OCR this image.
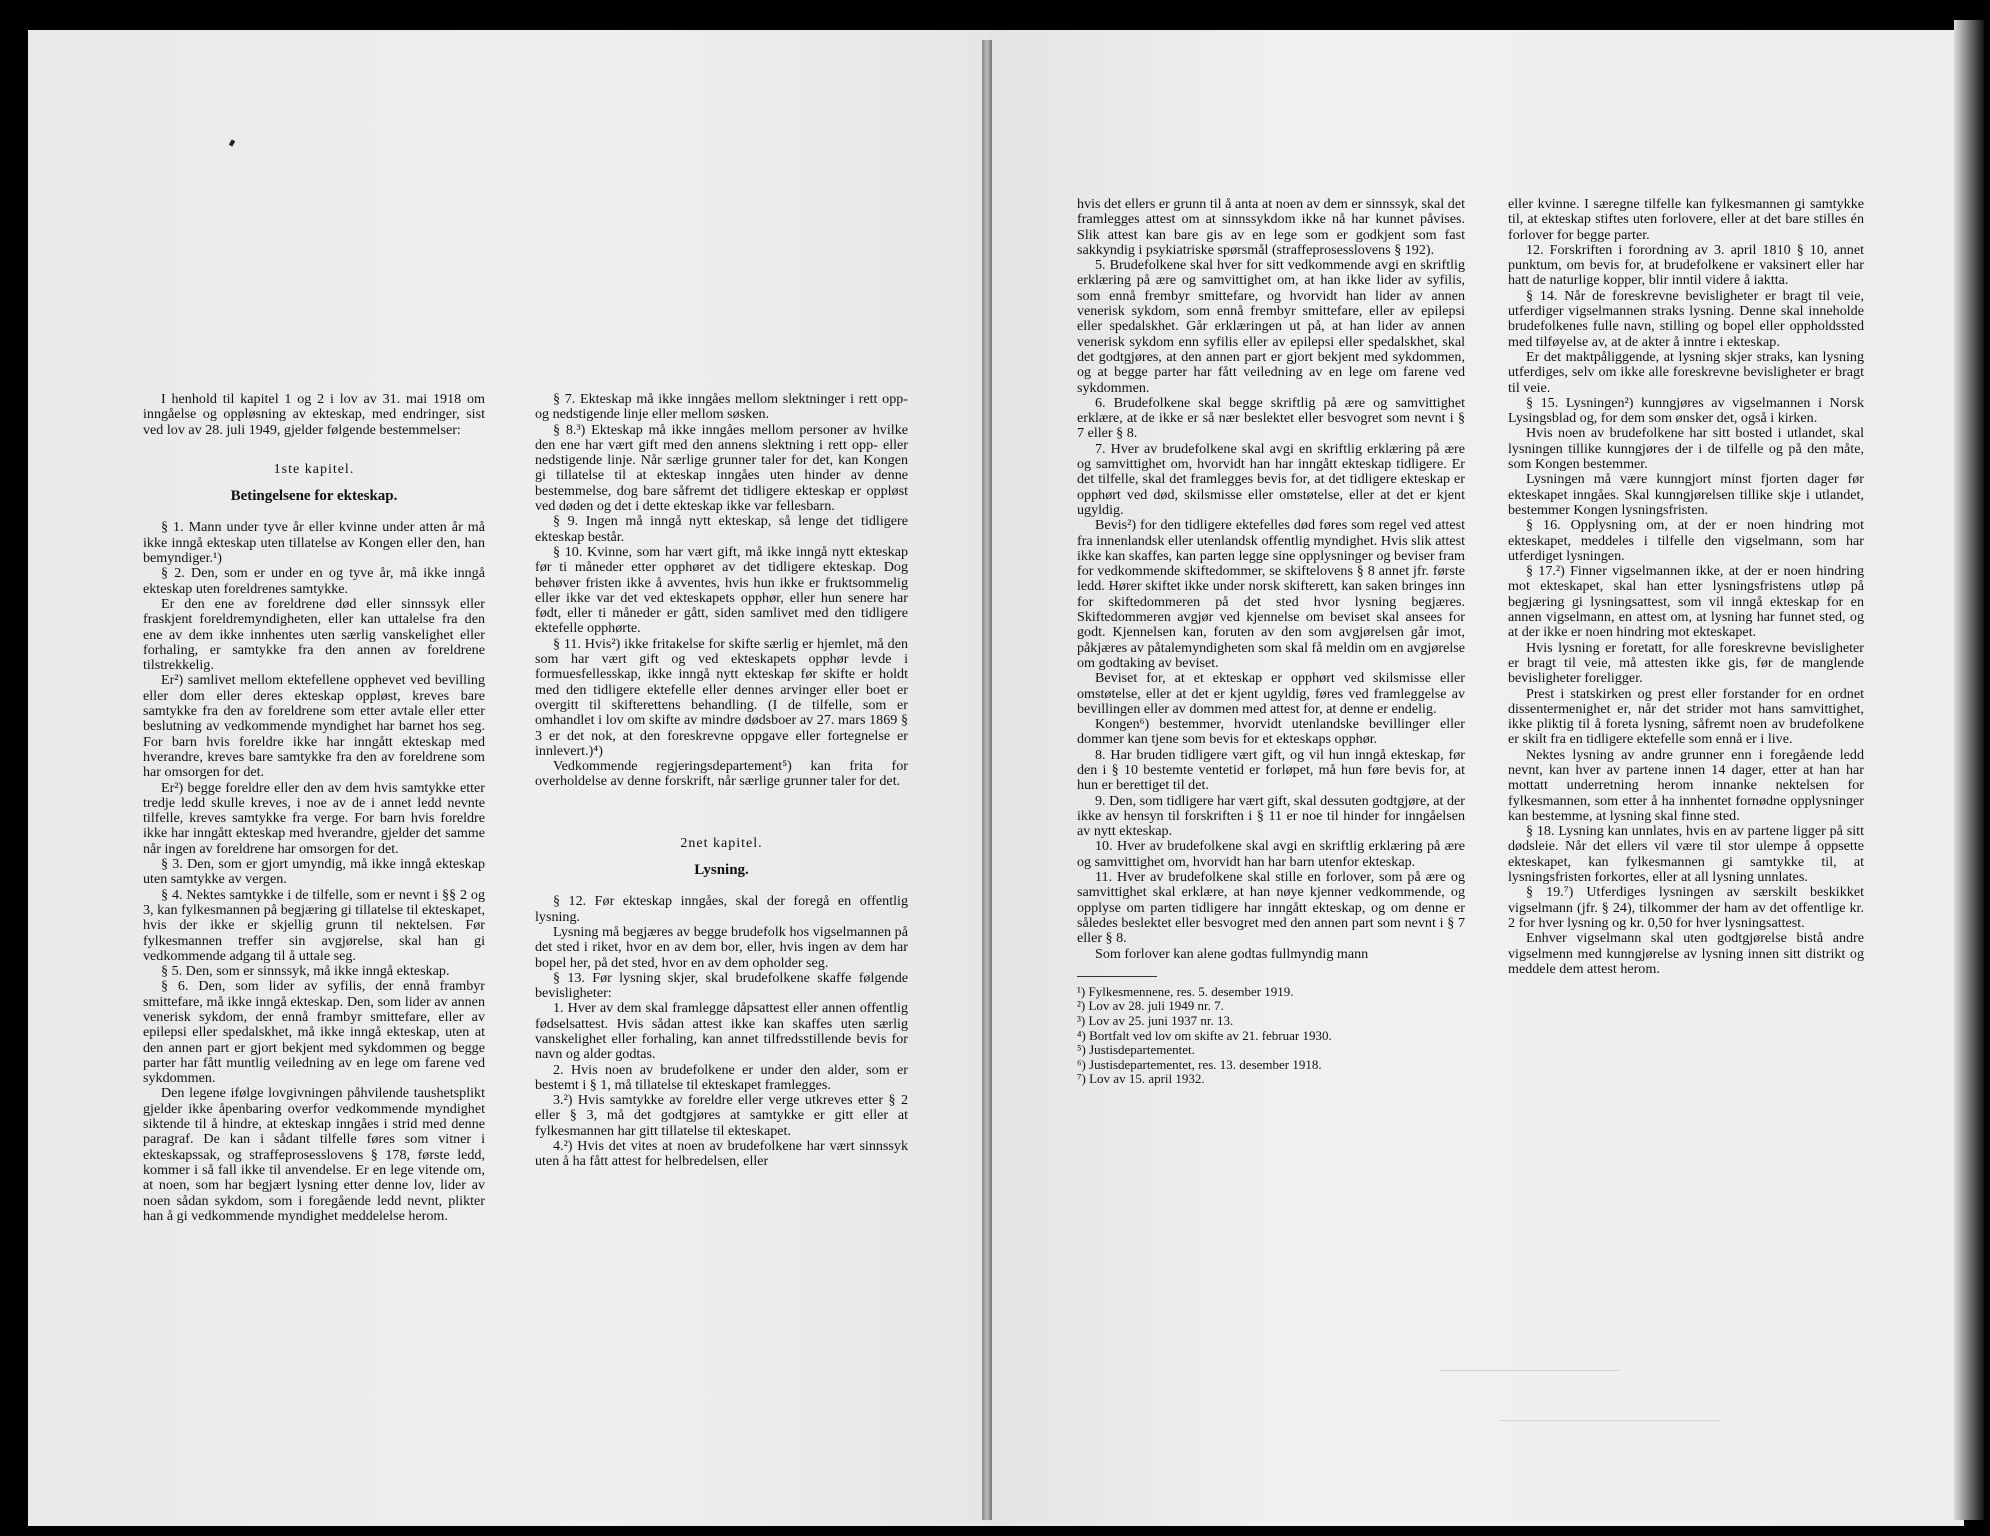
I henhold til kapitel 1 og 2 i lov av 31. mai 1918 om inngåelse og oppløsning av ekteskap, med endringer, sist ved lov av 28. juli 1949, gjelder følgende bestemmelser:

1ste kapitel.
Betingelsene for ekteskap.

§ 1. Mann under tyve år eller kvinne under atten år må ikke inngå ekteskap uten tillatelse av Kongen eller den, han bemyndiger.¹)

§ 2. Den, som er under en og tyve år, må ikke inngå ekteskap uten foreldrenes samtykke.

Er den ene av foreldrene død eller sinnssyk eller fraskjent foreldremyndigheten, eller kan uttalelse fra den ene av dem ikke innhentes uten særlig vanskelighet eller forhaling, er samtykke fra den annen av foreldrene tilstrekkelig.

Er²) samlivet mellom ektefellene opphevet ved bevilling eller dom eller deres ekteskap oppløst, kreves bare samtykke fra den av foreldrene som etter avtale eller etter beslutning av vedkommende myndighet har barnet hos seg. For barn hvis foreldre ikke har inngått ekteskap med hverandre, kreves bare samtykke fra den av foreldrene som har omsorgen for det.

Er²) begge foreldre eller den av dem hvis samtykke etter tredje ledd skulle kreves, i noe av de i annet ledd nevnte tilfelle, kreves samtykke fra verge. For barn hvis foreldre ikke har inngått ekteskap med hverandre, gjelder det samme når ingen av foreldrene har omsorgen for det.

§ 3. Den, som er gjort umyndig, må ikke inngå ekteskap uten samtykke av vergen.

§ 4. Nektes samtykke i de tilfelle, som er nevnt i §§ 2 og 3, kan fylkesmannen på begjæring gi tillatelse til ekteskapet, hvis der ikke er skjellig grunn til nektelsen. Før fylkesmannen treffer sin avgjørelse, skal han gi vedkommende adgang til å uttale seg.

§ 5. Den, som er sinnssyk, må ikke inngå ekteskap.

§ 6. Den, som lider av syfilis, der ennå frambyr smittefare, må ikke inngå ekteskap. Den, som lider av annen venerisk sykdom, der ennå frambyr smittefare, eller av epilepsi eller spedalskhet, må ikke inngå ekteskap, uten at den annen part er gjort bekjent med sykdommen og begge parter har fått muntlig veiledning av en lege om farene ved sykdommen.

Den legene ifølge lovgivningen påhvilende taushetsplikt gjelder ikke åpenbaring overfor vedkommende myndighet siktende til å hindre, at ekteskap inngåes i strid med denne paragraf. De kan i sådant tilfelle føres som vitner i ekteskapssak, og straffeprosesslovens § 178, første ledd, kommer i så fall ikke til anvendelse. Er en lege vitende om, at noen, som har begjært lysning etter denne lov, lider av noen sådan sykdom, som i foregående ledd nevnt, plikter han å gi vedkommende myndighet meddelelse herom.

§ 7. Ekteskap må ikke inngåes mellom slektninger i rett opp- og nedstigende linje eller mellom søsken.

§ 8.³) Ekteskap må ikke inngåes mellom personer av hvilke den ene har vært gift med den annens slektning i rett opp- eller nedstigende linje. Når særlige grunner taler for det, kan Kongen gi tillatelse til at ekteskap inngåes uten hinder av denne bestemmelse, dog bare såfremt det tidligere ekteskap er oppløst ved døden og det i dette ekteskap ikke var fellesbarn.

§ 9. Ingen må inngå nytt ekteskap, så lenge det tidligere ekteskap består.

§ 10. Kvinne, som har vært gift, må ikke inngå nytt ekteskap før ti måneder etter opphøret av det tidligere ekteskap. Dog behøver fristen ikke å avventes, hvis hun ikke er fruktsommelig eller ikke var det ved ekteskapets opphør, eller hun senere har født, eller ti måneder er gått, siden samlivet med den tidligere ektefelle opphørte.

§ 11. Hvis²) ikke fritakelse for skifte særlig er hjemlet, må den som har vært gift og ved ekteskapets opphør levde i formuesfellesskap, ikke inngå nytt ekteskap før skifte er holdt med den tidligere ektefelle eller dennes arvinger eller boet er overgitt til skifterettens behandling. (I de tilfelle, som er omhandlet i lov om skifte av mindre dødsboer av 27. mars 1869 § 3 er det nok, at den foreskrevne oppgave eller fortegnelse er innlevert.)⁴)

Vedkommende regjeringsdepartement⁵) kan frita for overholdelse av denne forskrift, når særlige grunner taler for det.

2net kapitel.
Lysning.

§ 12. Før ekteskap inngåes, skal der foregå en offentlig lysning.

Lysning må begjæres av begge brudefolk hos vigselmannen på det sted i riket, hvor en av dem bor, eller, hvis ingen av dem har bopel her, på det sted, hvor en av dem opholder seg.

§ 13. Før lysning skjer, skal brudefolkene skaffe følgende bevisligheter:

1. Hver av dem skal framlegge dåpsattest eller annen offentlig fødselsattest. Hvis sådan attest ikke kan skaffes uten særlig vanskelighet eller forhaling, kan annet tilfredsstillende bevis for navn og alder godtas.

2. Hvis noen av brudefolkene er under den alder, som er bestemt i § 1, må tillatelse til ekteskapet framlegges.

3.²) Hvis samtykke av foreldre eller verge utkreves etter § 2 eller § 3, må det godtgjøres at samtykke er gitt eller at fylkesmannen har gitt tillatelse til ekteskapet.

4.²) Hvis det vites at noen av brudefolkene har vært sinnssyk uten å ha fått attest for helbredelsen, eller

hvis det ellers er grunn til å anta at noen av dem er sinnssyk, skal det framlegges attest om at sinnssykdom ikke nå har kunnet påvises. Slik attest kan bare gis av en lege som er godkjent som fast sakkyndig i psykiatriske spørsmål (straffeprosesslovens § 192).

5. Brudefolkene skal hver for sitt vedkommende avgi en skriftlig erklæring på ære og samvittighet om, at han ikke lider av syfilis, som ennå frembyr smittefare, og hvorvidt han lider av annen venerisk sykdom, som ennå frembyr smittefare, eller av epilepsi eller spedalskhet. Går erklæringen ut på, at han lider av annen venerisk sykdom enn syfilis eller av epilepsi eller spedalskhet, skal det godtgjøres, at den annen part er gjort bekjent med sykdommen, og at begge parter har fått veiledning av en lege om farene ved sykdommen.

6. Brudefolkene skal begge skriftlig på ære og samvittighet erklære, at de ikke er så nær beslektet eller besvogret som nevnt i § 7 eller § 8.

7. Hver av brudefolkene skal avgi en skriftlig erklæring på ære og samvittighet om, hvorvidt han har inngått ekteskap tidligere. Er det tilfelle, skal det framlegges bevis for, at det tidligere ekteskap er opphørt ved død, skilsmisse eller omstøtelse, eller at det er kjent ugyldig.

Bevis²) for den tidligere ektefelles død føres som regel ved attest fra innenlandsk eller utenlandsk offentlig myndighet. Hvis slik attest ikke kan skaffes, kan parten legge sine opplysninger og beviser fram for vedkommende skiftedommer, se skiftelovens § 8 annet jfr. første ledd. Hører skiftet ikke under norsk skifterett, kan saken bringes inn for skiftedommeren på det sted hvor lysning begjæres. Skiftedommeren avgjør ved kjennelse om beviset skal ansees for godt. Kjennelsen kan, foruten av den som avgjørelsen går imot, påkjæres av påtalemyndigheten som skal få meldin om en avgjørelse om godtaking av beviset.

Beviset for, at et ekteskap er opphørt ved skilsmisse eller omstøtelse, eller at det er kjent ugyldig, føres ved framleggelse av bevillingen eller av dommen med attest for, at denne er endelig.

Kongen⁶) bestemmer, hvorvidt utenlandske bevillinger eller dommer kan tjene som bevis for et ekteskaps opphør.

8. Har bruden tidligere vært gift, og vil hun inngå ekteskap, før den i § 10 bestemte ventetid er forløpet, må hun føre bevis for, at hun er berettiget til det.

9. Den, som tidligere har vært gift, skal dessuten godtgjøre, at der ikke av hensyn til forskriften i § 11 er noe til hinder for inngåelsen av nytt ekteskap.

10. Hver av brudefolkene skal avgi en skriftlig erklæring på ære og samvittighet om, hvorvidt han har barn utenfor ekteskap.

11. Hver av brudefolkene skal stille en forlover, som på ære og samvittighet skal erklære, at han nøye kjenner vedkommende, og opplyse om parten tidligere har inngått ekteskap, og om denne er således beslektet eller besvogret med den annen part som nevnt i § 7 eller § 8.

Som forlover kan alene godtas fullmyndig mann

¹) Fylkesmennene, res. 5. desember 1919.
²) Lov av 28. juli 1949 nr. 7.
³) Lov av 25. juni 1937 nr. 13.
⁴) Bortfalt ved lov om skifte av 21. februar 1930.
⁵) Justisdepartementet.
⁶) Justisdepartementet, res. 13. desember 1918.
⁷) Lov av 15. april 1932.

eller kvinne. I særegne tilfelle kan fylkesmannen gi samtykke til, at ekteskap stiftes uten forlovere, eller at det bare stilles én forlover for begge parter.

12. Forskriften i forordning av 3. april 1810 § 10, annet punktum, om bevis for, at brudefolkene er vaksinert eller har hatt de naturlige kopper, blir inntil videre å iaktta.

§ 14. Når de foreskrevne bevisligheter er bragt til veie, utferdiger vigselmannen straks lysning. Denne skal inneholde brudefolkenes fulle navn, stilling og bopel eller oppholdssted med tilføyelse av, at de akter å inntre i ekteskap.

Er det maktpåliggende, at lysning skjer straks, kan lysning utferdiges, selv om ikke alle foreskrevne bevisligheter er bragt til veie.

§ 15. Lysningen²) kunngjøres av vigselmannen i Norsk Lysingsblad og, for dem som ønsker det, også i kirken.

Hvis noen av brudefolkene har sitt bosted i utlandet, skal lysningen tillike kunngjøres der i de tilfelle og på den måte, som Kongen bestemmer.

Lysningen må være kunngjort minst fjorten dager før ekteskapet inngåes. Skal kunngjørelsen tillike skje i utlandet, bestemmer Kongen lysningsfristen.

§ 16. Opplysning om, at der er noen hindring mot ekteskapet, meddeles i tilfelle den vigselmann, som har utferdiget lysningen.

§ 17.²) Finner vigselmannen ikke, at der er noen hindring mot ekteskapet, skal han etter lysningsfristens utløp på begjæring gi lysningsattest, som vil inngå ekteskap for en annen vigselmann, en attest om, at lysning har funnet sted, og at der ikke er noen hindring mot ekteskapet.

Hvis lysning er foretatt, for alle foreskrevne bevisligheter er bragt til veie, må attesten ikke gis, før de manglende bevisligheter foreligger.

Prest i statskirken og prest eller forstander for en ordnet dissentermenighet er, når det strider mot hans samvittighet, ikke pliktig til å foreta lysning, såfremt noen av brudefolkene er skilt fra en tidligere ektefelle som ennå er i live.

Nektes lysning av andre grunner enn i foregående ledd nevnt, kan hver av partene innen 14 dager, etter at han har mottatt underretning herom innanke nektelsen for fylkesmannen, som etter å ha innhentet fornødne opplysninger kan bestemme, at lysning skal finne sted.

§ 18. Lysning kan unnlates, hvis en av partene ligger på sitt dødsleie. Når det ellers vil være til stor ulempe å oppsette ekteskapet, kan fylkesmannen gi samtykke til, at lysningsfristen forkortes, eller at all lysning unnlates.

§ 19.⁷) Utferdiges lysningen av særskilt beskikket vigselmann (jfr. § 24), tilkommer der ham av det offentlige kr. 2 for hver lysning og kr. 0,50 for hver lysningsattest.

Enhver vigselmann skal uten godtgjørelse bistå andre vigselmenn med kunngjørelse av lysning innen sitt distrikt og meddele dem attest herom.
